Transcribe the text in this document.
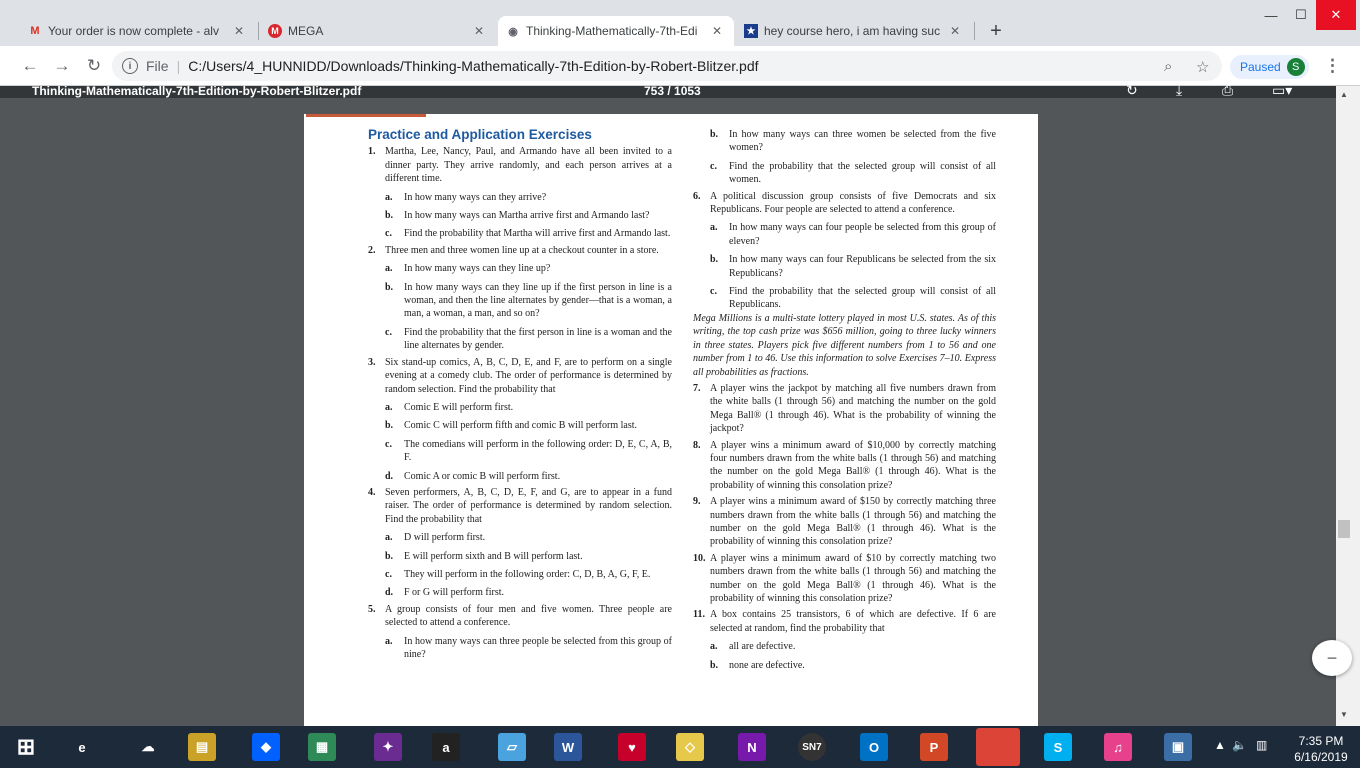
M Your order is now complete - alv	✕	M MEGA	✕ ◉ Thinking-Mathematically-7th-Edi	✕ ★ hey course hero, i am having suc ✕ +
—	☐	✕
← → ↻	i	File | C:/Users/4_HUNNIDD/Downloads/Thinking-Mathematically-7th-Edition-by-Robert-Blitzer.pdf	⌕ ☆	Paused	S	⋮
Thinking-Mathematically-7th-Edition-by-Robert-Blitzer.pdf	753 / 1053	↻	⤓	⎙	▭▾
Practice and Application Exercises
1. Martha, Lee, Nancy, Paul, and Armando have all been invited to a dinner party. They arrive randomly, and each person arrives at a different time.
a. In how many ways can they arrive?
b. In how many ways can Martha arrive first and Armando last?
c. Find the probability that Martha will arrive first and Armando last.
2. Three men and three women line up at a checkout counter in a store.
a. In how many ways can they line up?
b. In how many ways can they line up if the first person in line is a woman, and then the line alternates by gender—that is a woman, a man, a woman, a man, and so on?
c. Find the probability that the first person in line is a woman and the line alternates by gender.
3. Six stand-up comics, A, B, C, D, E, and F, are to perform on a single evening at a comedy club. The order of performance is determined by random selection. Find the probability that
a. Comic E will perform first.
b. Comic C will perform fifth and comic B will perform last.
c. The comedians will perform in the following order: D, E, C, A, B, F.
d. Comic A or comic B will perform first.
4. Seven performers, A, B, C, D, E, F, and G, are to appear in a fund raiser. The order of performance is determined by random selection. Find the probability that
a. D will perform first.
b. E will perform sixth and B will perform last.
c. They will perform in the following order: C, D, B, A, G, F, E.
d. F or G will perform first.
5. A group consists of four men and five women. Three people are selected to attend a conference.
a. In how many ways can three people be selected from this group of nine?
b. In how many ways can three women be selected from the five women?
c. Find the probability that the selected group will consist of all women.
6. A political discussion group consists of five Democrats and six Republicans. Four people are selected to attend a conference.
a. In how many ways can four people be selected from this group of eleven?
b. In how many ways can four Republicans be selected from the six Republicans?
c. Find the probability that the selected group will consist of all Republicans.

Mega Millions is a multi-state lottery played in most U.S. states. As of this writing, the top cash prize was $656 million, going to three lucky winners in three states. Players pick five different numbers from 1 to 56 and one number from 1 to 46. Use this information to solve Exercises 7–10. Express all probabilities as fractions.

7. A player wins the jackpot by matching all five numbers drawn from the white balls (1 through 56) and matching the number on the gold Mega Ball® (1 through 46). What is the probability of winning the jackpot?
8. A player wins a minimum award of $10,000 by correctly matching four numbers drawn from the white balls (1 through 56) and matching the number on the gold Mega Ball® (1 through 46). What is the probability of winning this consolation prize?
9. A player wins a minimum award of $150 by correctly matching three numbers drawn from the white balls (1 through 56) and matching the number on the gold Mega Ball® (1 through 46). What is the probability of winning this consolation prize?
10. A player wins a minimum award of $10 by correctly matching two numbers drawn from the white balls (1 through 56) and matching the number on the gold Mega Ball® (1 through 46). What is the probability of winning this consolation prize?
11. A box contains 25 transistors, 6 of which are defective. If 6 are selected at random, find the probability that
a. all are defective.
b. none are defective.
▲
▼
−
⊞	e	☁	▤	◆	▦	✦	a	▱	W	♥	◇	N	SN7	O	P	◎	S	♫	▣	▲ 🔈 ▥	7:35 PM
6/16/2019
